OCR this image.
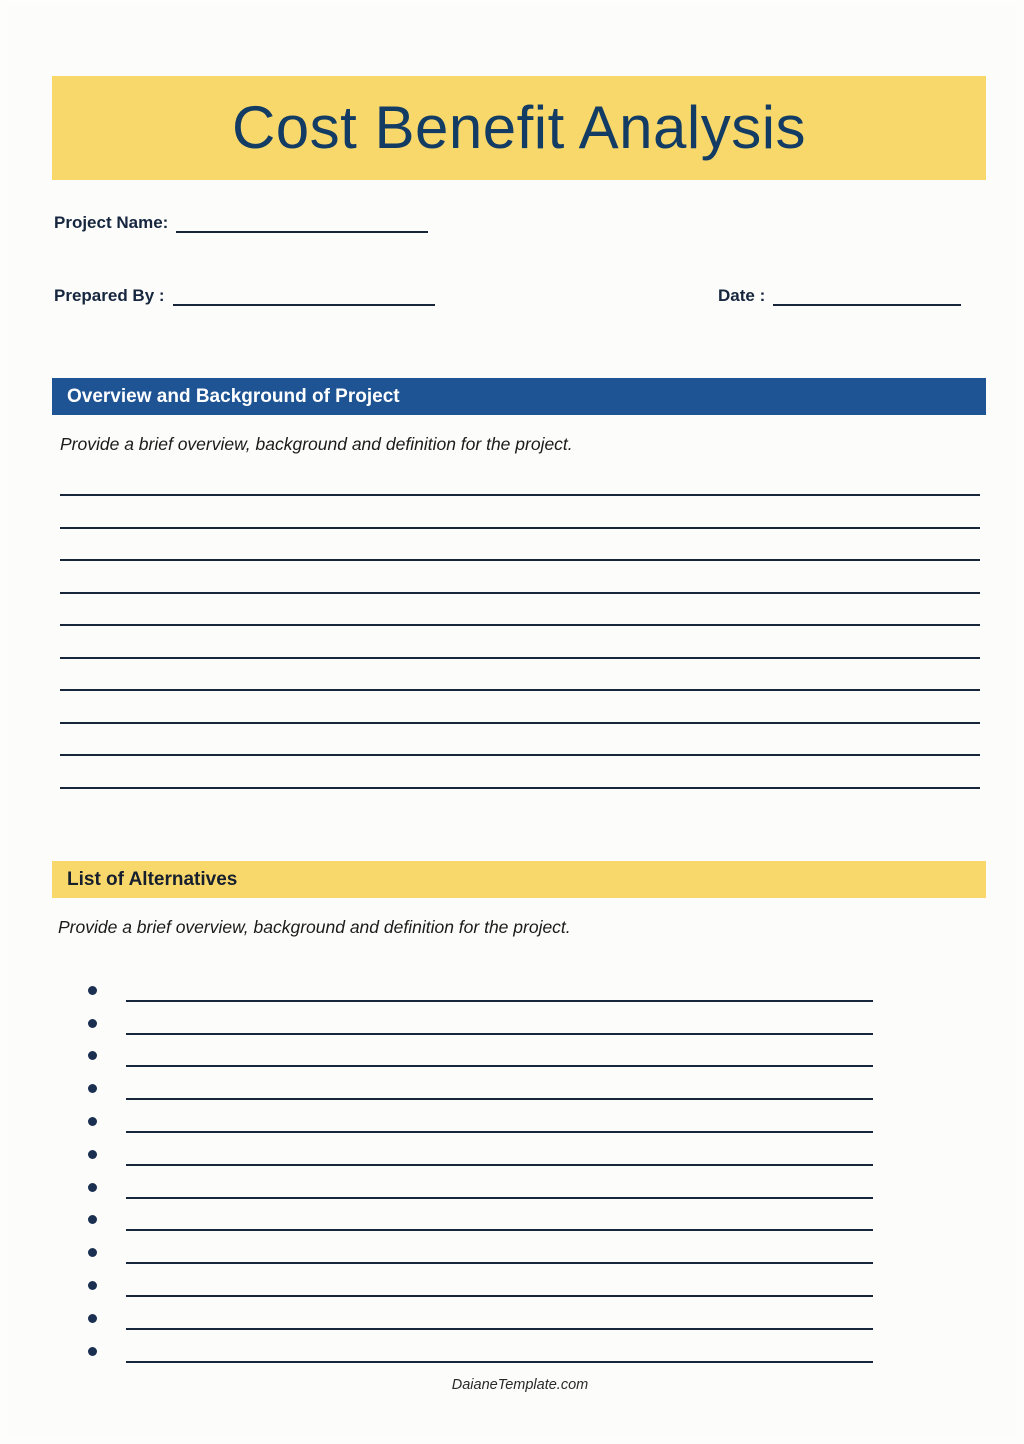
Cost Benefit Analysis
Project Name:
Prepared By :	Date :
Overview and Background of Project
Provide a brief overview, background and definition for the project.
List of Alternatives
Provide a brief overview, background and definition for the project.
DaianeTemplate.com
